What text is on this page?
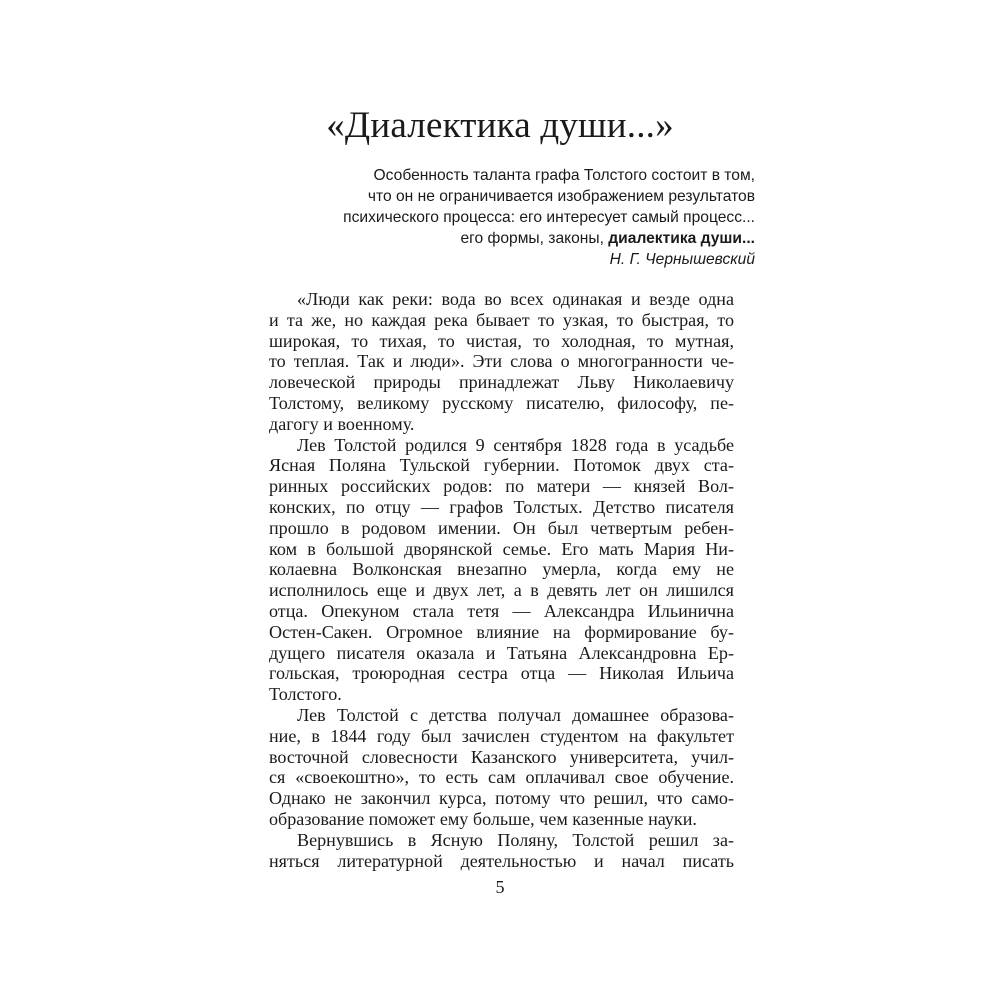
«Диалектика души...»
Особенность таланта графа Толстого состоит в том,
что он не ограничивается изображением результатов
психического процесса: его интересует самый процесс...
его формы, законы, диалектика души...
Н. Г. Чернышевский

«Люди как реки: вода во всех одинакая и везде одна
и та же, но каждая река бывает то узкая, то быстрая, то
широкая, то тихая, то чистая, то холодная, то мутная,
то теплая. Так и люди». Эти слова о многогранности че-
ловеческой природы принадлежат Льву Николаевичу
Толстому, великому русскому писателю, философу, пе-
дагогу и военному.

Лев Толстой родился 9 сентября 1828 года в усадьбе
Ясная Поляна Тульской губернии. Потомок двух ста-
ринных российских родов: по матери — князей Вол-
конских, по отцу — графов Толстых. Детство писателя
прошло в родовом имении. Он был четвертым ребен-
ком в большой дворянской семье. Его мать Мария Ни-
колаевна Волконская внезапно умерла, когда ему не
исполнилось еще и двух лет, а в девять лет он лишился
отца. Опекуном стала тетя — Александра Ильинична
Остен-Сакен. Огромное влияние на формирование бу-
дущего писателя оказала и Татьяна Александровна Ер-
гольская, троюродная сестра отца — Николая Ильича
Толстого.

Лев Толстой с детства получал домашнее образова-
ние, в 1844 году был зачислен студентом на факультет
восточной словесности Казанского университета, учил-
ся «своекоштно», то есть сам оплачивал свое обучение.
Однако не закончил курса, потому что решил, что само-
образование поможет ему больше, чем казенные науки.

Вернувшись в Ясную Поляну, Толстой решил за-
няться литературной деятельностью и начал писать

5
